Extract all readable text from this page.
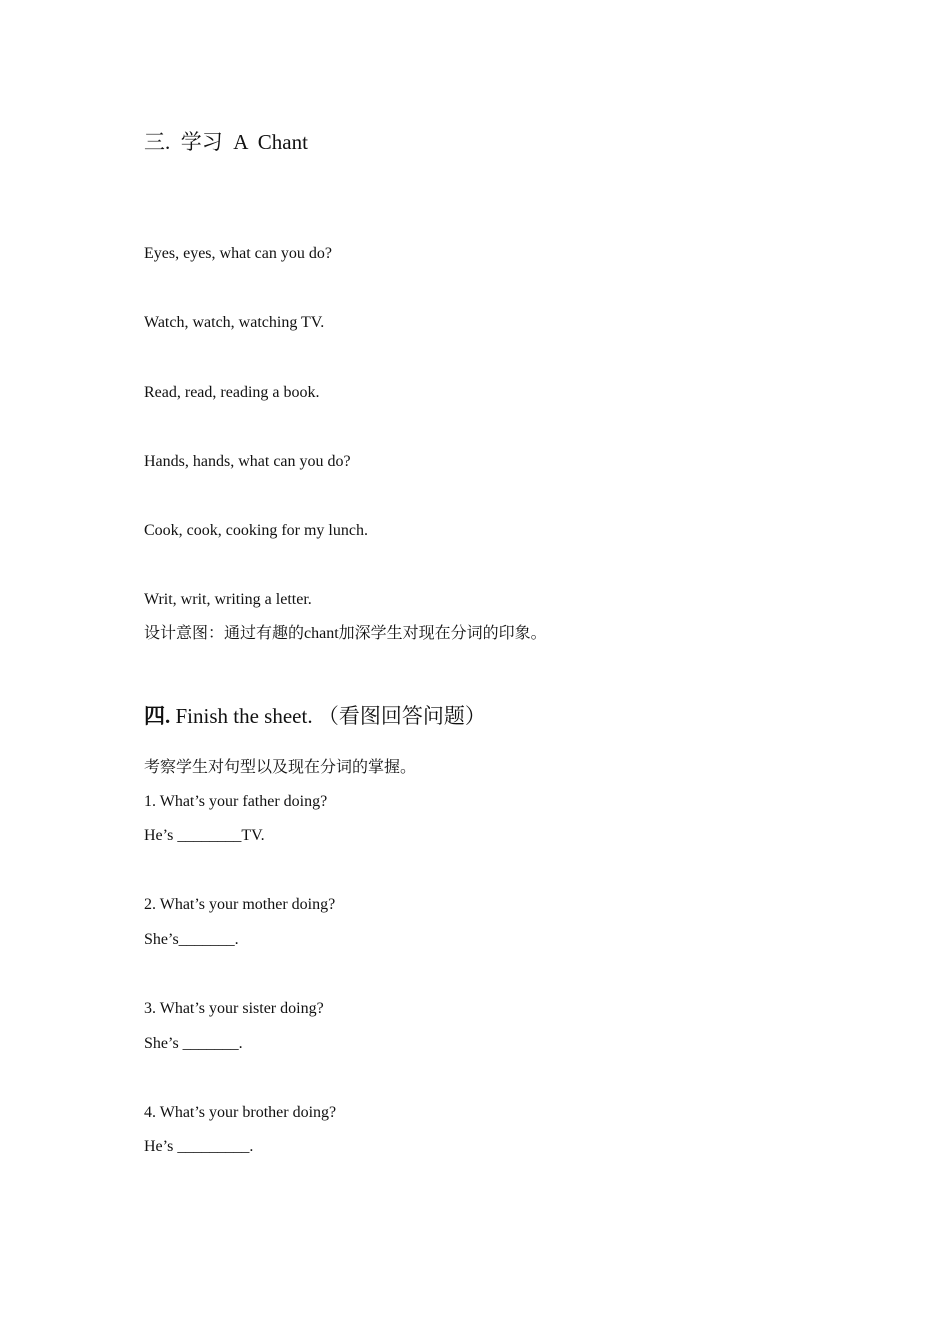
三.  学习  A  Chant
Eyes, eyes, what can you do?
Watch, watch, watching TV.
Read, read, reading a book.
Hands, hands, what can you do?
Cook, cook, cooking for my lunch.
Writ, writ, writing a letter.
设计意图：通过有趣的chant加深学生对现在分词的印象。
四. Finish the sheet. （看图回答问题）
考察学生对句型以及现在分词的掌握。
1. What’s your father doing?
He’s ________TV.
2. What’s your mother doing?
She’s_______.
3. What’s your sister doing?
She’s _______.
4. What’s your brother doing?
He’s _________.
